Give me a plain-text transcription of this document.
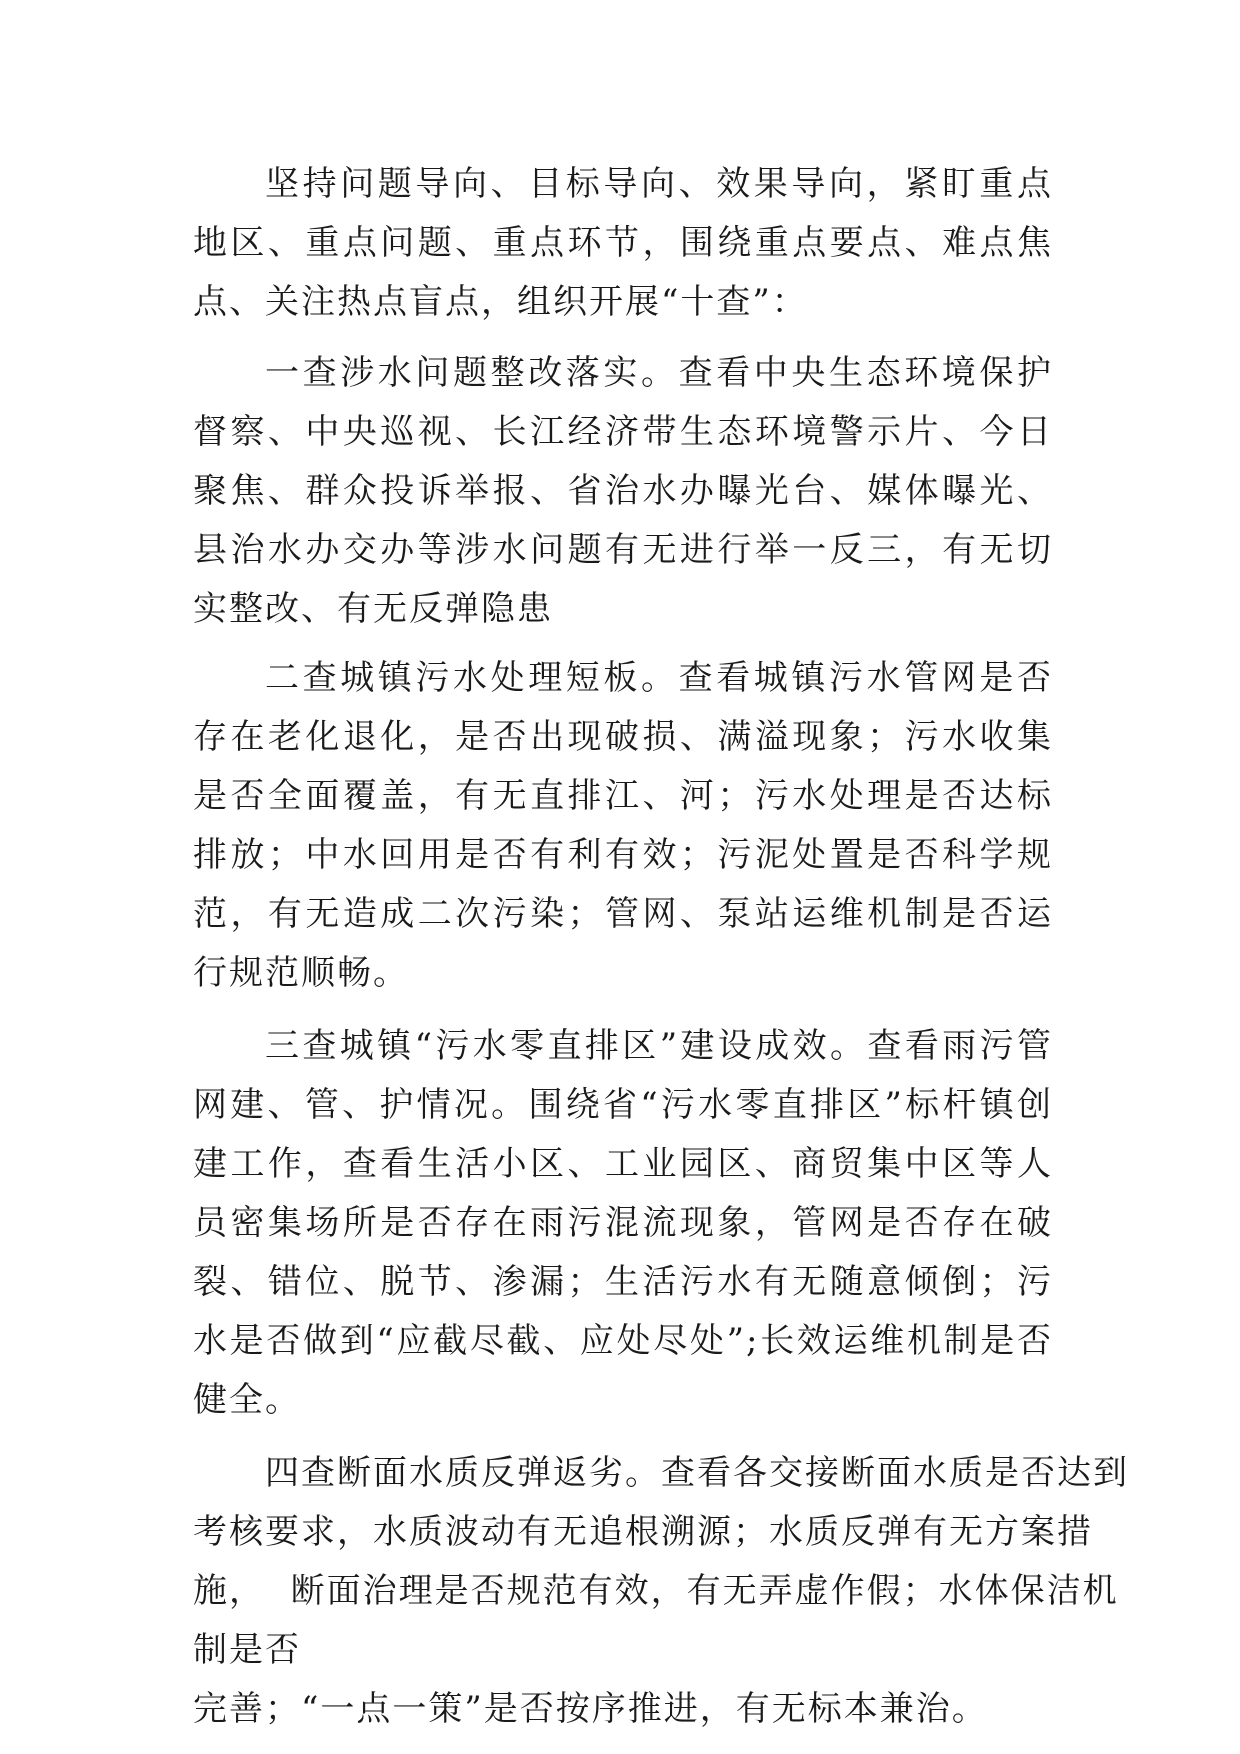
坚持问题导向、目标导向、效果导向，紧盯重点地区、重点问题、重点环节，围绕重点要点、难点焦点、关注热点盲点，组织开展“十查”：

一查涉水问题整改落实。查看中央生态环境保护督察、中央巡视、长江经济带生态环境警示片、今日聚焦、群众投诉举报、省治水办曝光台、媒体曝光、县治水办交办等涉水问题有无进行举一反三，有无切实整改、有无反弹隐患

二查城镇污水处理短板。查看城镇污水管网是否存在老化退化，是否出现破损、满溢现象；污水收集是否全面覆盖，有无直排江、河；污水处理是否达标排放；中水回用是否有利有效；污泥处置是否科学规范，有无造成二次污染；管网、泵站运维机制是否运行规范顺畅。

三查城镇“污水零直排区”建设成效。查看雨污管网建、管、护情况。围绕省“污水零直排区”标杆镇创建工作，查看生活小区、工业园区、商贸集中区等人员密集场所是否存在雨污混流现象，管网是否存在破裂、错位、脱节、渗漏；生活污水有无随意倾倒；污水是否做到“应截尽截、应处尽处”;长效运维机制是否健全。

四查断面水质反弹返劣。查看各交接断面水质是否达到

考核要求，水质波动有无追根溯源；水质反弹有无方案措

施，  断面治理是否规范有效，有无弄虚作假；水体保洁机

制是否

完善；“一点一策”是否按序推进，有无标本兼治。
